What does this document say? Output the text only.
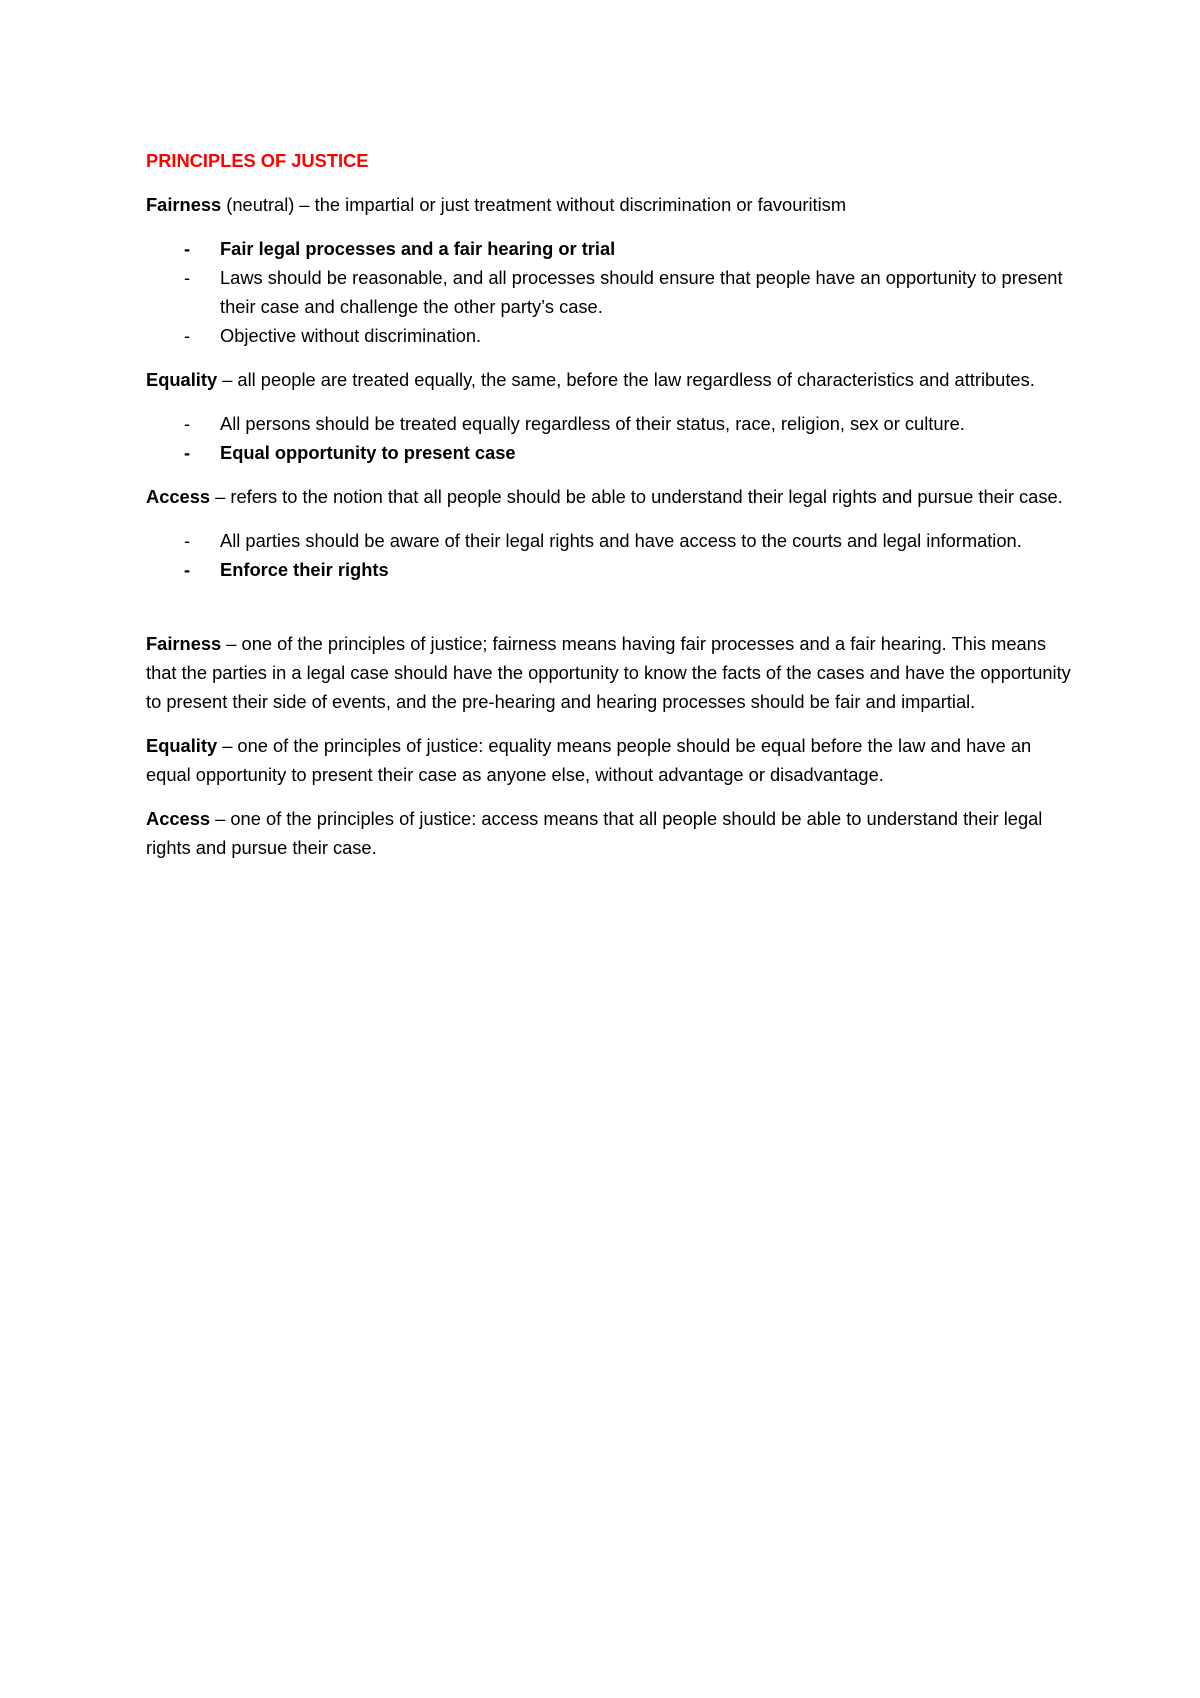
PRINCIPLES OF JUSTICE

Fairness (neutral) – the impartial or just treatment without discrimination or favouritism

- Fair legal processes and a fair hearing or trial
- Laws should be reasonable, and all processes should ensure that people have an opportunity to present their case and challenge the other party’s case.
- Objective without discrimination.

Equality – all people are treated equally, the same, before the law regardless of characteristics and attributes.

- All persons should be treated equally regardless of their status, race, religion, sex or culture.
- Equal opportunity to present case

Access – refers to the notion that all people should be able to understand their legal rights and pursue their case.

- All parties should be aware of their legal rights and have access to the courts and legal information.
- Enforce their rights

Fairness – one of the principles of justice; fairness means having fair processes and a fair hearing. This means that the parties in a legal case should have the opportunity to know the facts of the cases and have the opportunity to present their side of events, and the pre-hearing and hearing processes should be fair and impartial.

Equality – one of the principles of justice: equality means people should be equal before the law and have an equal opportunity to present their case as anyone else, without advantage or disadvantage.

Access – one of the principles of justice: access means that all people should be able to understand their legal rights and pursue their case.
